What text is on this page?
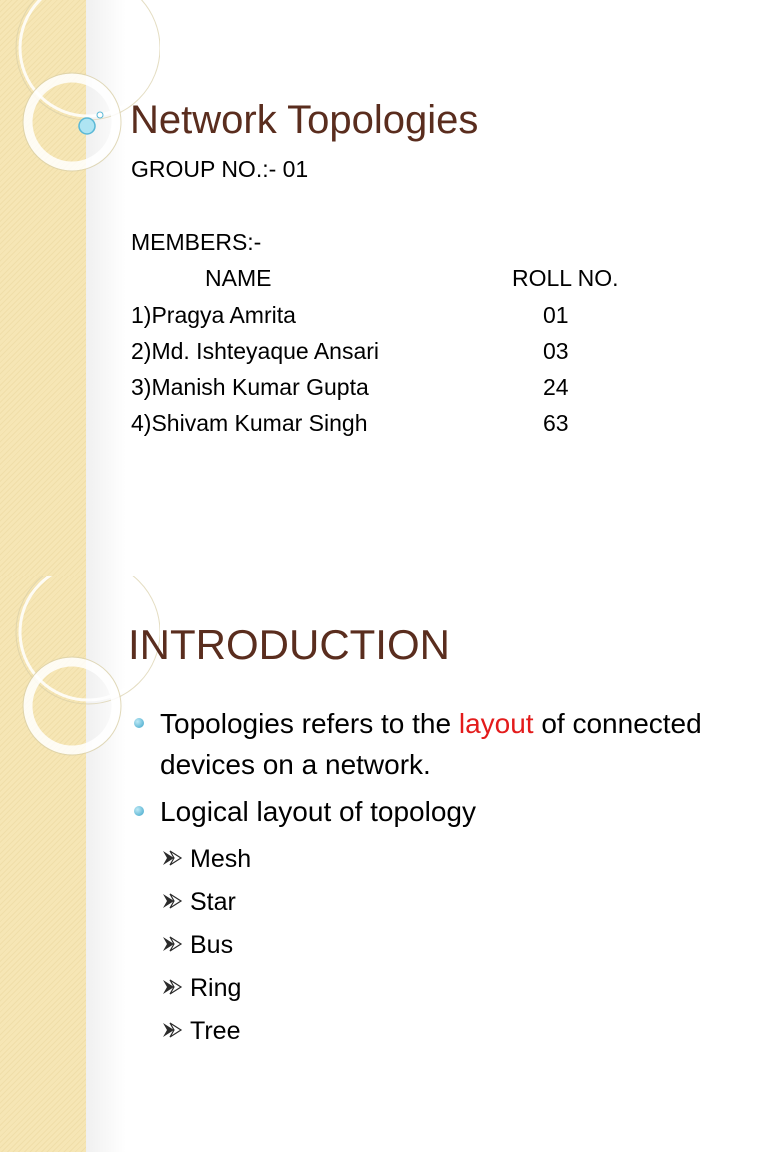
Network Topologies
GROUP NO.:- 01
MEMBERS:-
NAME	ROLL NO.
1)Pragya Amrita	01
2)Md. Ishteyaque Ansari	03
3)Manish Kumar Gupta	24
4)Shivam Kumar Singh	63
INTRODUCTION
Topologies refers to the layout of connected devices on a network.
Logical layout of topology
Mesh
Star
Bus
Ring
Tree
